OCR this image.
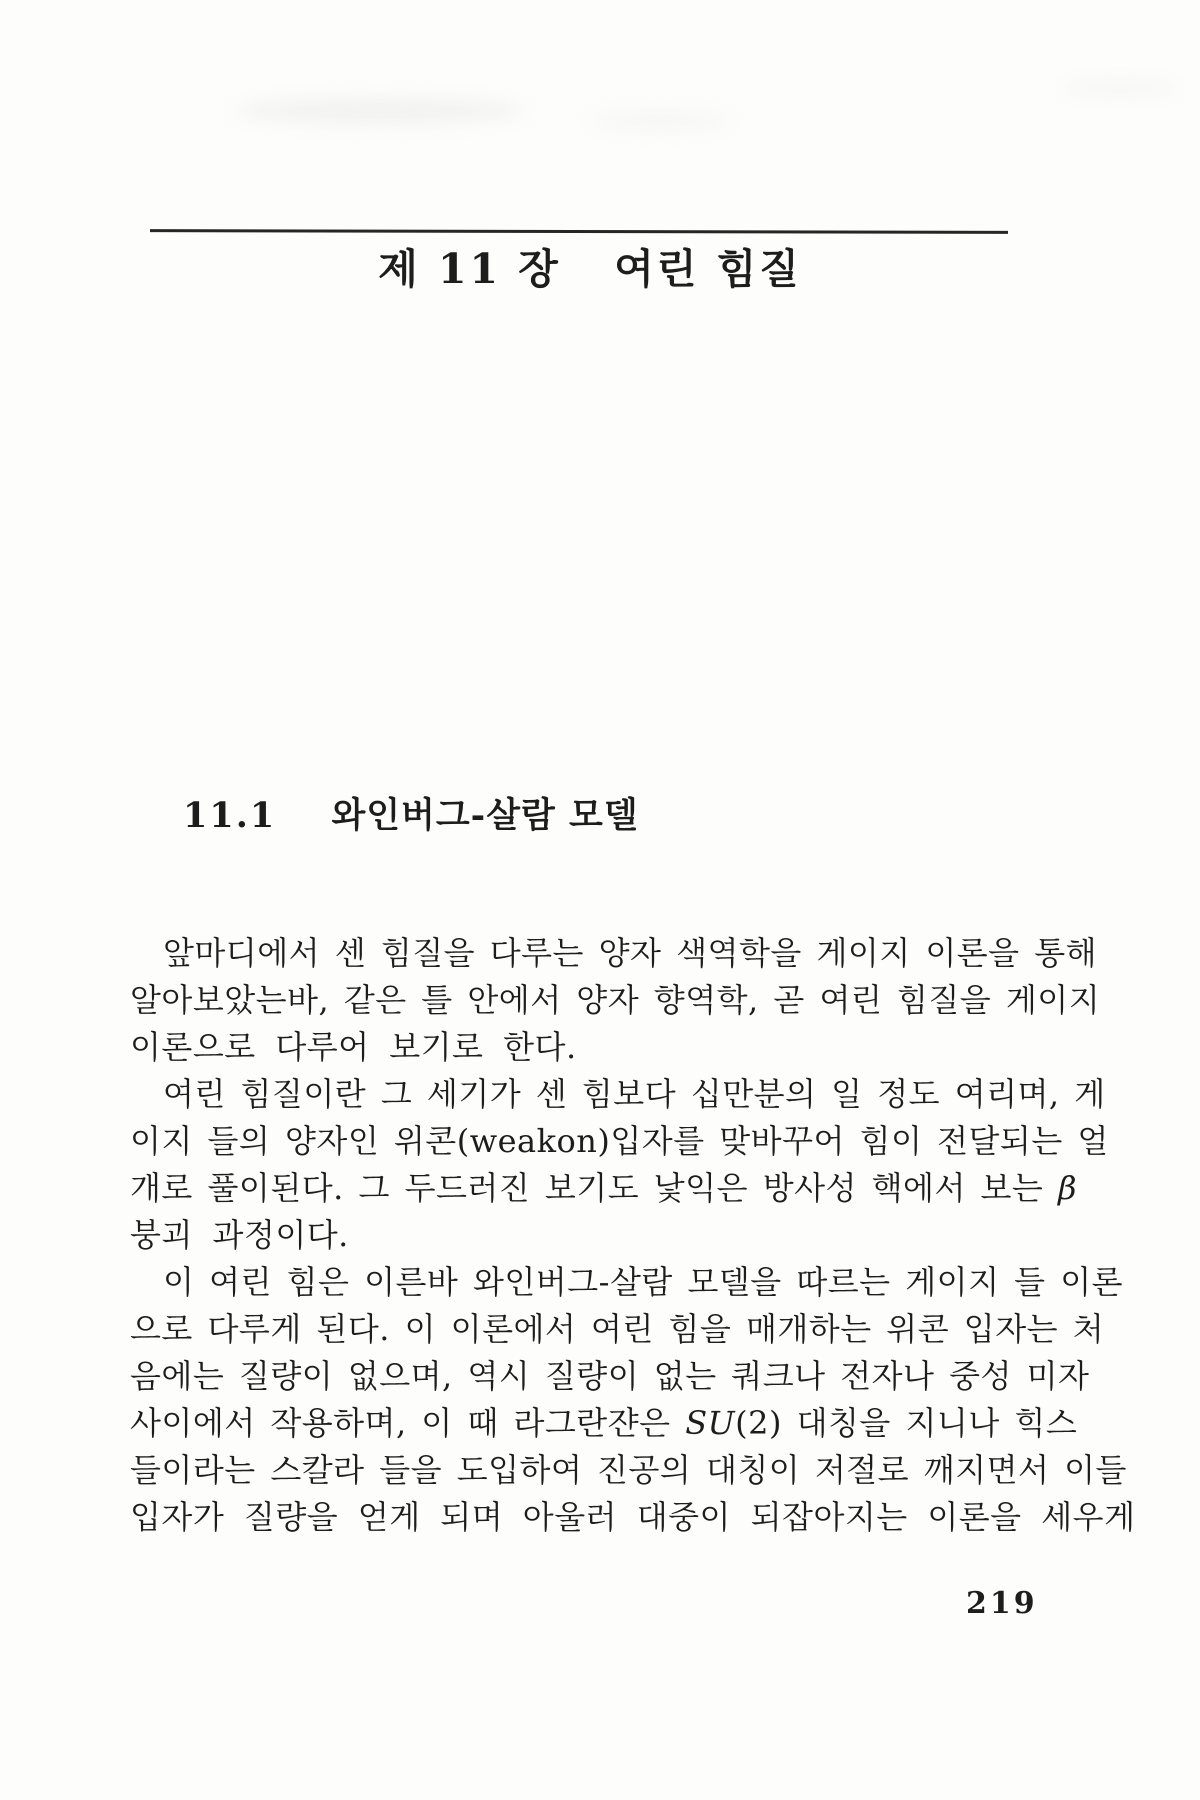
제 11 장 여린 힘질
11.1 와인버그-살람 모델
앞마디에서 센 힘질을 다루는 양자 색역학을 게이지 이론을 통해
알아보았는바, 같은 틀 안에서 양자 향역학, 곧 여린 힘질을 게이지
이론으로 다루어 보기로 한다.
여린 힘질이란 그 세기가 센 힘보다 십만분의 일 정도 여리며, 게
이지 들의 양자인 위콘(weakon)입자를 맞바꾸어 힘이 전달되는 얼
개로 풀이된다. 그 두드러진 보기도 낯익은 방사성 핵에서 보는 β
붕괴 과정이다.
이 여린 힘은 이른바 와인버그-살람 모델을 따르는 게이지 들 이론
으로 다루게 된다. 이 이론에서 여린 힘을 매개하는 위콘 입자는 처
음에는 질량이 없으며, 역시 질량이 없는 쿼크나 전자나 중성 미자
사이에서 작용하며, 이 때 라그란쟌은 SU(2) 대칭을 지니나 힉스
들이라는 스칼라 들을 도입하여 진공의 대칭이 저절로 깨지면서 이들
입자가 질량을 얻게 되며 아울러 대중이 되잡아지는 이론을 세우게
219
